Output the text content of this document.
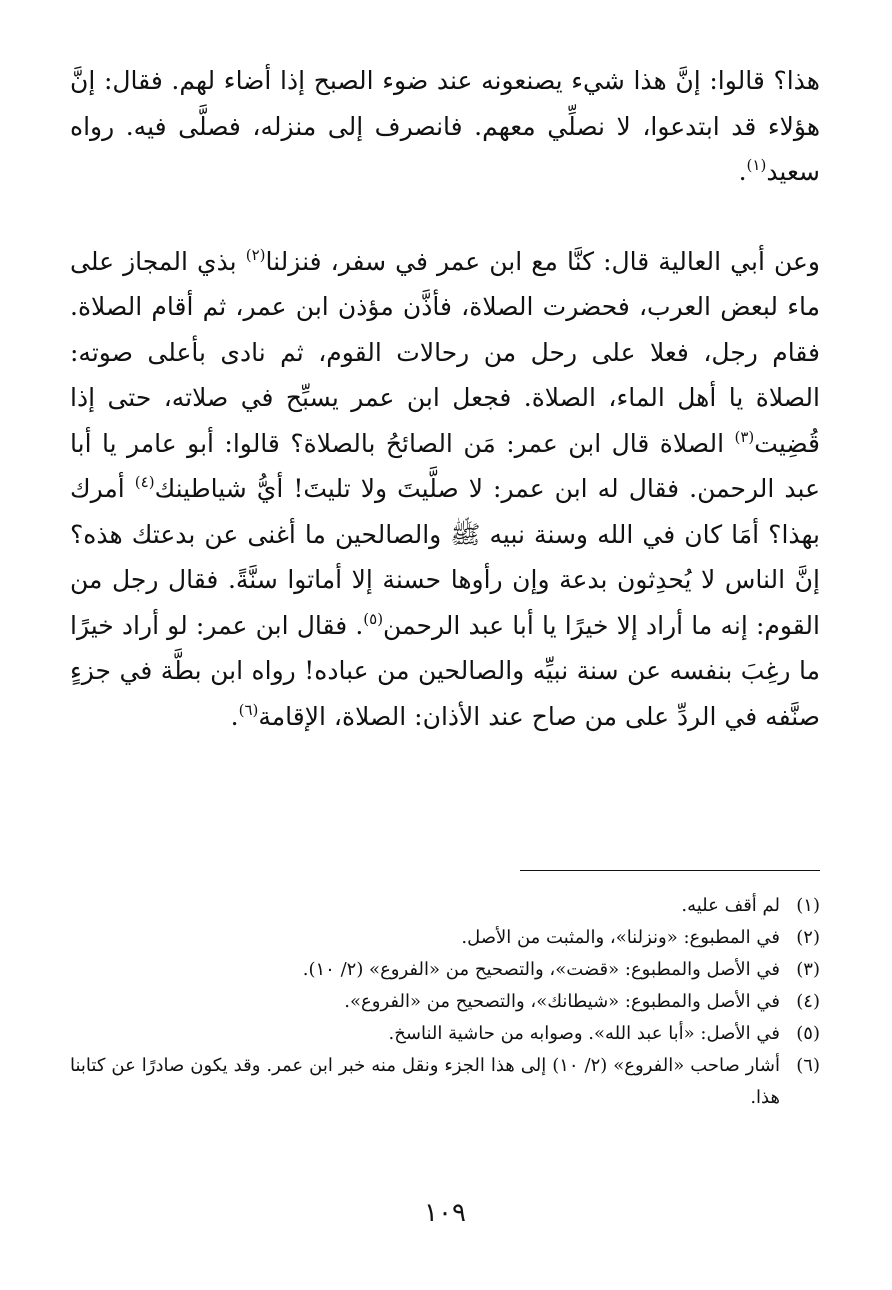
هذا؟ قالوا: إنَّ هذا شيء يصنعونه عند ضوء الصبح إذا أضاء لهم. فقال: إنَّ هؤلاء قد ابتدعوا، لا نصلِّي معهم. فانصرف إلى منزله، فصلَّى فيه. رواه سعيد$^{(١)}$.

وعن أبي العالية قال: كنَّا مع ابن عمر في سفر، فنزلنا$^{(٢)}$ بذي المجاز على ماء لبعض العرب، فحضرت الصلاة، فأذَّن مؤذن ابن عمر، ثم أقام الصلاة. فقام رجل، فعلا على رحل من رحالات القوم، ثم نادى بأعلى صوته: الصلاة يا أهل الماء، الصلاة. فجعل ابن عمر يسبِّح في صلاته، حتى إذا قُضِيت$^{(٣)}$ الصلاة قال ابن عمر: مَن الصائحُ بالصلاة؟ قالوا: أبو عامر يا أبا عبد الرحمن. فقال له ابن عمر: لا صلَّيتَ ولا تليتَ! أيُّ شياطينك$^{(٤)}$ أمرك بهذا؟ أمَا كان في الله وسنة نبيه ﷺ والصالحين ما أغنى عن بدعتك هذه؟ إنَّ الناس لا يُحدِثون بدعة وإن رأوها حسنة إلا أماتوا سنَّةً. فقال رجل من القوم: إنه ما أراد إلا خيرًا يا أبا عبد الرحمن$^{(٥)}$. فقال ابن عمر: لو أراد خيرًا ما رغِبَ بنفسه عن سنة نبيِّه والصالحين من عباده! رواه ابن بطَّة في جزءٍ صنَّفه في الردِّ على من صاح عند الأذان: الصلاة، الإقامة$^{(٦)}$.

(١)
لم أقف عليه.
(٢)
في المطبوع: «ونزلنا»، والمثبت من الأصل.
(٣)
في الأصل والمطبوع: «قضت»، والتصحيح من «الفروع» (٢/ ١٠).
(٤)
في الأصل والمطبوع: «شيطانك»، والتصحيح من «الفروع».
(٥)
في الأصل: «أبا عبد الله». وصوابه من حاشية الناسخ.
(٦)
أشار صاحب «الفروع» (٢/ ١٠) إلى هذا الجزء ونقل منه خبر ابن عمر. وقد يكون صادرًا عن كتابنا هذا.
١٠٩
